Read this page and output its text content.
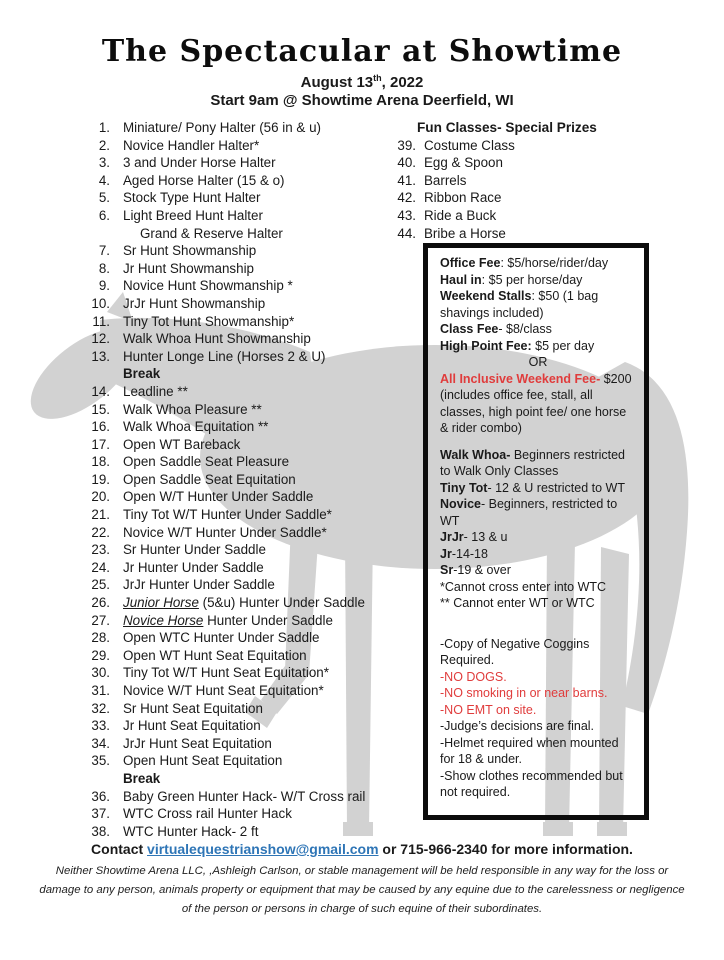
The Spectacular at Showtime
August 13th, 2022
Start 9am @ Showtime Arena Deerfield, WI
1. Miniature/ Pony Halter (56 in & u)
2. Novice Handler Halter*
3. 3 and Under Horse Halter
4. Aged Horse Halter (15 & o)
5. Stock Type Hunt Halter
6. Light Breed Hunt Halter
Grand & Reserve Halter
7. Sr Hunt Showmanship
8. Jr Hunt Showmanship
9. Novice Hunt Showmanship *
10. JrJr Hunt Showmanship
11. Tiny Tot Hunt Showmanship*
12. Walk Whoa Hunt Showmanship
13. Hunter Longe Line (Horses 2 & U)
Break
14. Leadline **
15. Walk Whoa Pleasure **
16. Walk Whoa Equitation **
17. Open WT Bareback
18. Open Saddle Seat Pleasure
19. Open Saddle Seat Equitation
20. Open W/T Hunter Under Saddle
21. Tiny Tot W/T Hunter Under Saddle*
22. Novice W/T Hunter Under Saddle*
23. Sr Hunter Under Saddle
24. Jr Hunter Under Saddle
25. JrJr Hunter Under Saddle
26. Junior Horse (5&u) Hunter Under Saddle
27. Novice Horse Hunter Under Saddle
28. Open WTC Hunter Under Saddle
29. Open WT Hunt Seat Equitation
30. Tiny Tot W/T Hunt Seat Equitation*
31. Novice W/T Hunt Seat Equitation*
32. Sr Hunt Seat Equitation
33. Jr Hunt Seat Equitation
34. JrJr Hunt Seat Equitation
35. Open Hunt Seat Equitation
Break
36. Baby Green Hunter Hack- W/T Cross rail
37. WTC Cross rail Hunter Hack
38. WTC Hunter Hack- 2 ft
Fun Classes- Special Prizes
39. Costume Class
40. Egg & Spoon
41. Barrels
42. Ribbon Race
43. Ride a Buck
44. Bribe a Horse
Office Fee: $5/horse/rider/day
Haul in: $5 per horse/day
Weekend Stalls: $50 (1 bag shavings included)
Class Fee- $8/class
High Point Fee: $5 per day
OR
All Inclusive Weekend Fee- $200
(includes office fee, stall, all classes, high point fee/ one horse & rider combo)
Walk Whoa- Beginners restricted to Walk Only Classes
Tiny Tot- 12 & U restricted to WT
Novice- Beginners, restricted to WT
JrJr- 13 & u
Jr-14-18
Sr-19 & over
*Cannot cross enter into WTC
** Cannot enter WT or WTC
-Copy of Negative Coggins Required.
-NO DOGS.
-NO smoking in or near barns.
-NO EMT on site.
-Judge’s decisions are final.
-Helmet required when mounted for 18 & under.
-Show clothes recommended but not required.
Contact virtualequestrianshow@gmail.com or 715-966-2340 for more information.
Neither Showtime Arena LLC, ,Ashleigh Carlson, or stable management will be held responsible in any way for the loss or
damage to any person, animals property or equipment that may be caused by any equine due to the carelessness or negligence
of the person or persons in charge of such equine of their subordinates.
